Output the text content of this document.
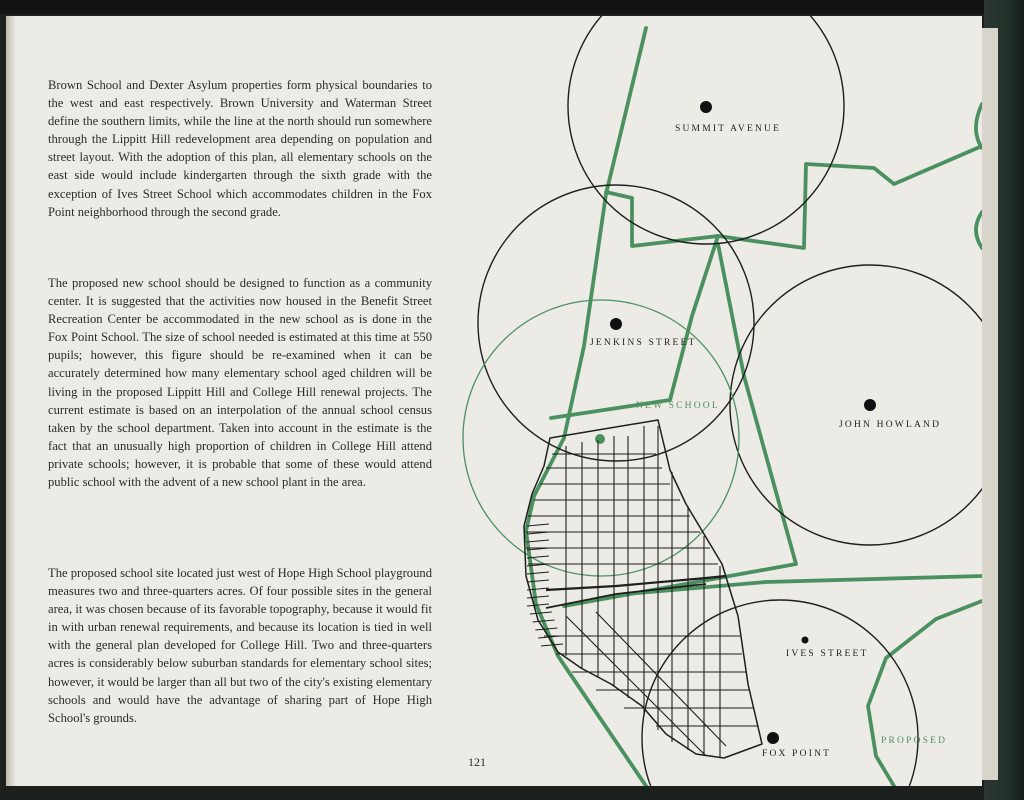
Brown School and Dexter Asylum properties form physical boundaries to the west and east respectively. Brown University and Waterman Street define the southern limits, while the line at the north should run somewhere through the Lippitt Hill redevelopment area depending on population and street layout. With the adoption of this plan, all elementary schools on the east side would include kindergarten through the sixth grade with the exception of Ives Street School which accommodates children in the Fox Point neighborhood through the second grade.

The proposed new school should be designed to function as a community center. It is suggested that the activities now housed in the Benefit Street Recreation Center be accommodated in the new school as is done in the Fox Point School. The size of school needed is estimated at this time at 550 pupils; however, this figure should be re-examined when it can be accurately determined how many elementary school aged children will be living in the proposed Lippitt Hill and College Hill renewal projects. The current estimate is based on an interpolation of the annual school census taken by the school department. Taken into account in the estimate is the fact that an unusually high proportion of children in College Hill attend private schools; however, it is probable that some of these would attend public school with the advent of a new school plant in the area.

The proposed school site located just west of Hope High School playground measures two and three-quarters acres. Of four possible sites in the general area, it was chosen because of its favorable topography, because it would fit in with urban renewal requirements, and because its location is tied in well with the general plan developed for College Hill. Two and three-quarters acres is considerably below suburban standards for elementary school sites; however, it would be larger than all but two of the city's existing elementary schools and would have the advantage of sharing part of Hope High School's grounds.

121
SUMMIT AVENUE
JENKINS STREET
NEW SCHOOL
JOHN HOWLAND
IVES STREET
FOX POINT
PROPOSED
